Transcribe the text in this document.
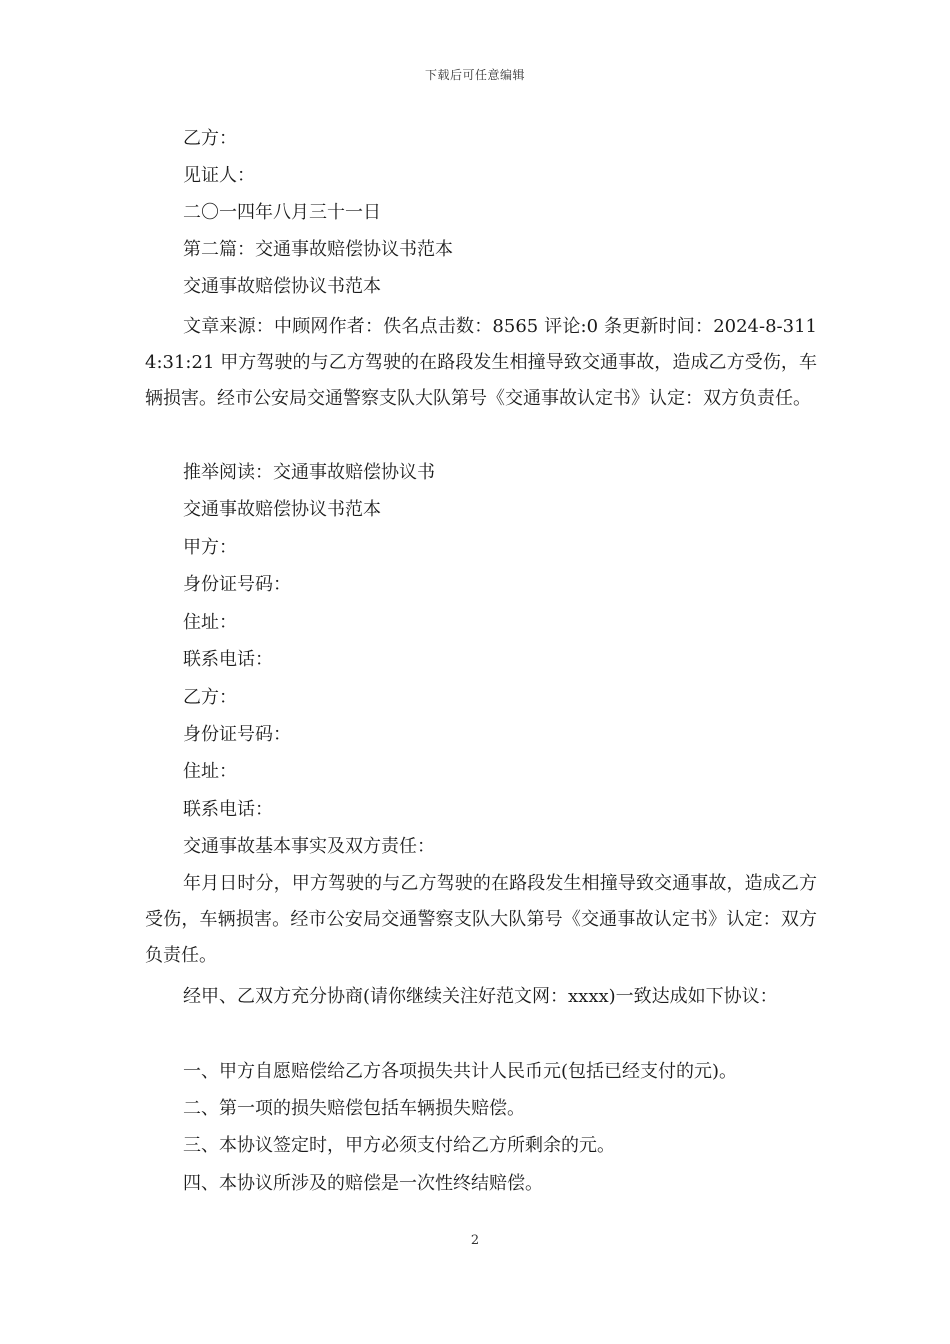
下载后可任意编辑
乙方：
见证人：
二〇一四年八月三十一日
第二篇：交通事故赔偿协议书范本
交通事故赔偿协议书范本
文章来源：中顾网作者：佚名点击数：8565 评论:0 条更新时间：2024-8-3114:31:21 甲方驾驶的与乙方驾驶的在路段发生相撞导致交通事故，造成乙方受伤，车辆损害。经市公安局交通警察支队大队第号《交通事故认定书》认定：双方负责任。
推举阅读：交通事故赔偿协议书
交通事故赔偿协议书范本
甲方：
身份证号码：
住址：
联系电话：
乙方：
身份证号码：
住址：
联系电话：
交通事故基本事实及双方责任：
年月日时分，甲方驾驶的与乙方驾驶的在路段发生相撞导致交通事故，造成乙方受伤，车辆损害。经市公安局交通警察支队大队第号《交通事故认定书》认定：双方负责任。
经甲、乙双方充分协商(请你继续关注好范文网：xxxx)一致达成如下协议：
一、甲方自愿赔偿给乙方各项损失共计人民币元(包括已经支付的元)。
二、第一项的损失赔偿包括车辆损失赔偿。
三、本协议签定时，甲方必须支付给乙方所剩余的元。
四、本协议所涉及的赔偿是一次性终结赔偿。
2
